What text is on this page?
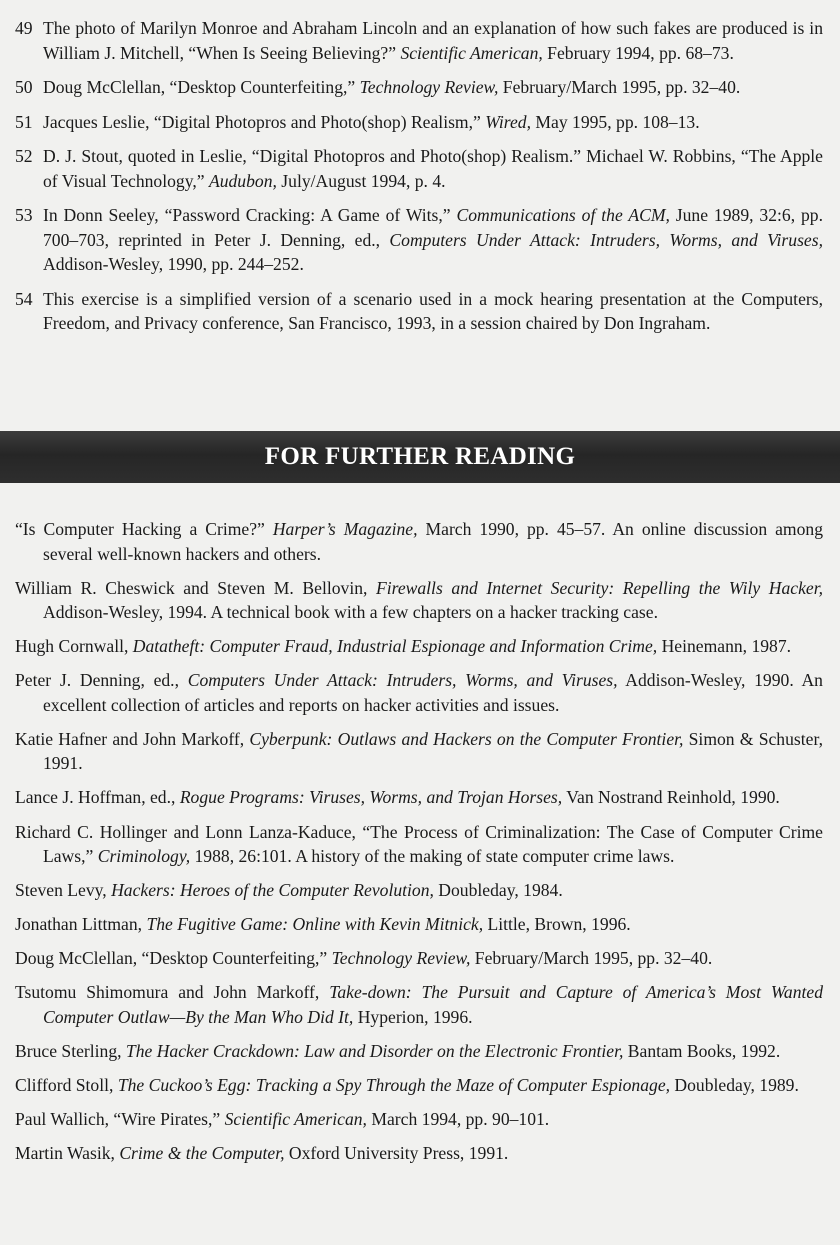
49 The photo of Marilyn Monroe and Abraham Lincoln and an explanation of how such fakes are produced is in William J. Mitchell, “When Is Seeing Believing?” Scientific American, February 1994, pp. 68–73.

50 Doug McClellan, “Desktop Counterfeiting,” Technology Review, February/March 1995, pp. 32–40.

51 Jacques Leslie, “Digital Photopros and Photo(shop) Realism,” Wired, May 1995, pp. 108–13.

52 D. J. Stout, quoted in Leslie, “Digital Photopros and Photo(shop) Realism.” Michael W. Robbins, “The Apple of Visual Technology,” Audubon, July/August 1994, p. 4.

53 In Donn Seeley, “Password Cracking: A Game of Wits,” Communications of the ACM, June 1989, 32:6, pp. 700–703, reprinted in Peter J. Denning, ed., Computers Under Attack: Intruders, Worms, and Viruses, Addison-Wesley, 1990, pp. 244–252.

54 This exercise is a simplified version of a scenario used in a mock hearing presentation at the Computers, Freedom, and Privacy conference, San Francisco, 1993, in a session chaired by Don Ingraham.

FOR FURTHER READING

“Is Computer Hacking a Crime?” Harper’s Magazine, March 1990, pp. 45–57. An online discussion among several well-known hackers and others.

William R. Cheswick and Steven M. Bellovin, Firewalls and Internet Security: Repelling the Wily Hacker, Addison-Wesley, 1994. A technical book with a few chapters on a hacker tracking case.

Hugh Cornwall, Datatheft: Computer Fraud, Industrial Espionage and Information Crime, Heinemann, 1987.

Peter J. Denning, ed., Computers Under Attack: Intruders, Worms, and Viruses, Addison-Wesley, 1990. An excellent collection of articles and reports on hacker activities and issues.

Katie Hafner and John Markoff, Cyberpunk: Outlaws and Hackers on the Computer Frontier, Simon & Schuster, 1991.

Lance J. Hoffman, ed., Rogue Programs: Viruses, Worms, and Trojan Horses, Van Nostrand Reinhold, 1990.

Richard C. Hollinger and Lonn Lanza-Kaduce, “The Process of Criminalization: The Case of Computer Crime Laws,” Criminology, 1988, 26:101. A history of the making of state computer crime laws.

Steven Levy, Hackers: Heroes of the Computer Revolution, Doubleday, 1984.

Jonathan Littman, The Fugitive Game: Online with Kevin Mitnick, Little, Brown, 1996.

Doug McClellan, “Desktop Counterfeiting,” Technology Review, February/March 1995, pp. 32–40.

Tsutomu Shimomura and John Markoff, Take-down: The Pursuit and Capture of America’s Most Wanted Computer Outlaw—By the Man Who Did It, Hyperion, 1996.

Bruce Sterling, The Hacker Crackdown: Law and Disorder on the Electronic Frontier, Bantam Books, 1992.

Clifford Stoll, The Cuckoo’s Egg: Tracking a Spy Through the Maze of Computer Espionage, Doubleday, 1989.

Paul Wallich, “Wire Pirates,” Scientific American, March 1994, pp. 90–101.

Martin Wasik, Crime & the Computer, Oxford University Press, 1991.
